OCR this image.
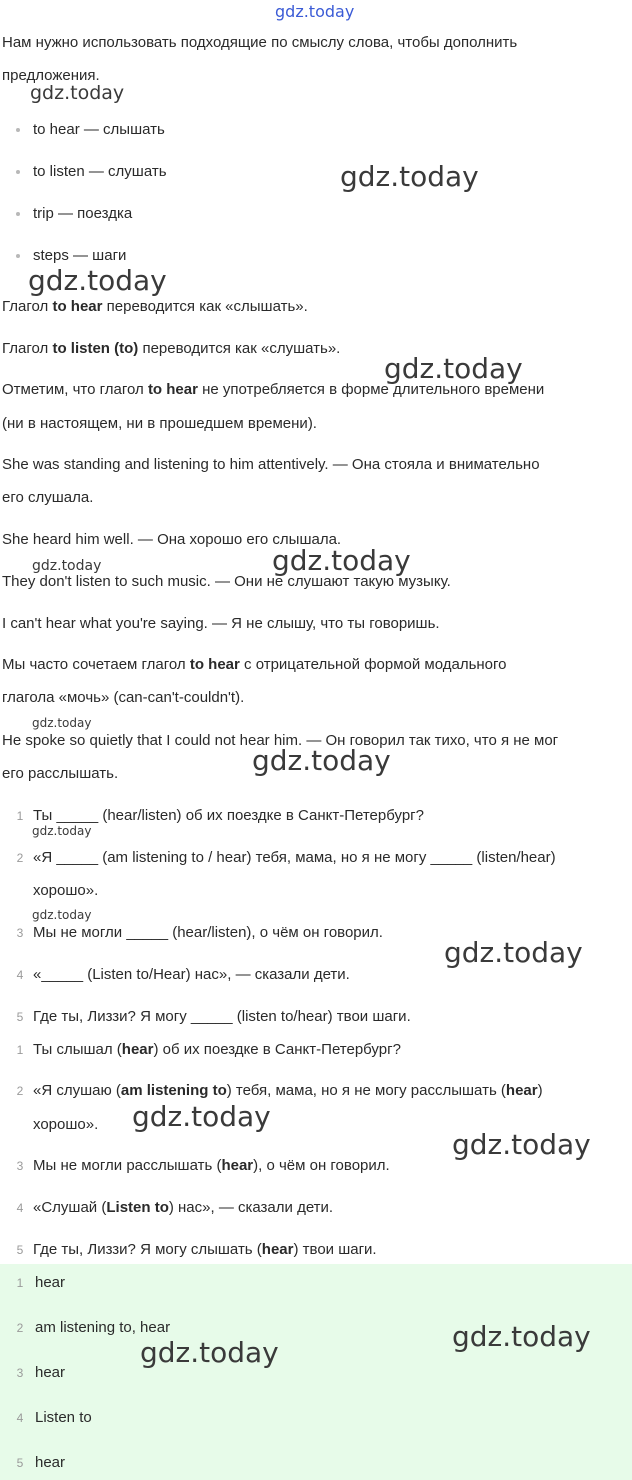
gdz.today
gdz.today
gdz.today
gdz.today
gdz.today
gdz.today	gdz.today
gdz.today
gdz.today
gdz.today
gdz.today
gdz.today
gdz.today
gdz.today
Нам нужно использовать подходящие по смыслу слова, чтобы дополнить
предложения.
to hear — слышать
to listen — слушать
trip — поездка
steps — шаги
Глагол to hear переводится как «слышать».
Глагол to listen (to) переводится как «слушать».
Отметим, что глагол to hear не употребляется в форме длительного времени
(ни в настоящем, ни в прошедшем времени).
She was standing and listening to him attentively. — Она стояла и внимательно
его слушала.
She heard him well. — Она хорошо его слышала.
They don't listen to such music. — Они не слушают такую музыку.
I can't hear what you're saying. — Я не слышу, что ты говоришь.
Мы часто сочетаем глагол to hear с отрицательной формой модального
глагола «мочь» (can-can't-couldn't).
He spoke so quietly that I could not hear him. — Он говорил так тихо, что я не мог
его расслышать.
1 Ты _____ (hear/listen) об их поездке в Санкт-Петербург?
2 «Я _____ (am listening to / hear) тебя, мама, но я не могу _____ (listen/hear)
хорошо».
3 Мы не могли _____ (hear/listen), о чём он говорил.
4 «_____ (Listen to/Hear) нас», — сказали дети.
5 Где ты, Лиззи? Я могу _____ (listen to/hear) твои шаги.
1 Ты слышал (hear) об их поездке в Санкт-Петербург?
2 «Я слушаю (am listening to) тебя, мама, но я не могу расслышать (hear)
хорошо».
3 Мы не могли расслышать (hear), о чём он говорил.
4 «Слушай (Listen to) нас», — сказали дети.
5 Где ты, Лиззи? Я могу слышать (hear) твои шаги.
1 hear
2 am listening to, hear
3 hear
4 Listen to
5 hear
gdz.today	gdz.today
